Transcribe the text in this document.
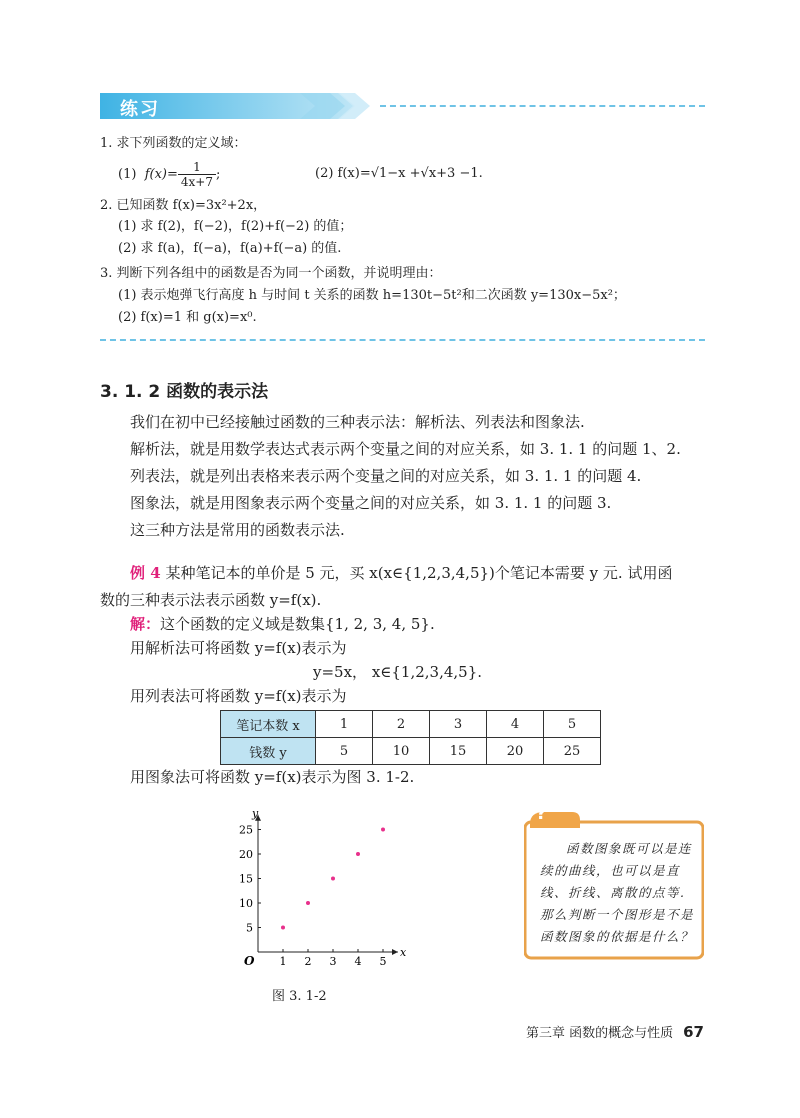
练习
1. 求下列函数的定义域：
(1) $f(x)= \frac{1}{4x+7}$ ;	(2) f(x)=√1−x +√x+3 −1.
2. 已知函数 f(x)=3x²+2x，
(1) 求 f(2)，f(−2)，f(2)+f(−2) 的值；
(2) 求 f(a)，f(−a)，f(a)+f(−a) 的值.
3. 判断下列各组中的函数是否为同一个函数，并说明理由：
(1) 表示炮弹飞行高度 h 与时间 t 关系的函数 h=130t−5t²和二次函数 y=130x−5x²；
(2) f(x)=1 和 g(x)=x⁰.
3. 1. 2 函数的表示法
我们在初中已经接触过函数的三种表示法：解析法、列表法和图象法.
解析法，就是用数学表达式表示两个变量之间的对应关系，如 3. 1. 1 的问题 1、2.
列表法，就是列出表格来表示两个变量之间的对应关系，如 3. 1. 1 的问题 4.
图象法，就是用图象表示两个变量之间的对应关系，如 3. 1. 1 的问题 3.
这三种方法是常用的函数表示法.
例 4 某种笔记本的单价是 5 元，买 x(x∈{1,2,3,4,5})个笔记本需要 y 元. 试用函
数的三种表示法表示函数 y=f(x).
解：这个函数的定义域是数集{1, 2, 3, 4, 5}.
用解析法可将函数 y=f(x)表示为
y=5x， x∈{1,2,3,4,5}.
用列表法可将函数 y=f(x)表示为
笔记本数 x	1	2	3	4	5
钱数 y	5	10	15	20	25
用图象法可将函数 y=f(x)表示为图 3. 1-2.
x
y
O 1 2 3 4 5
5
10
15
20
25
图 3. 1-2
?
函数图象既可以是连
续的曲线，也可以是直
线、折线、离散的点等.
那么判断一个图形是不是
函数图象的依据是什么？
第三章 函数的概念与性质 67
